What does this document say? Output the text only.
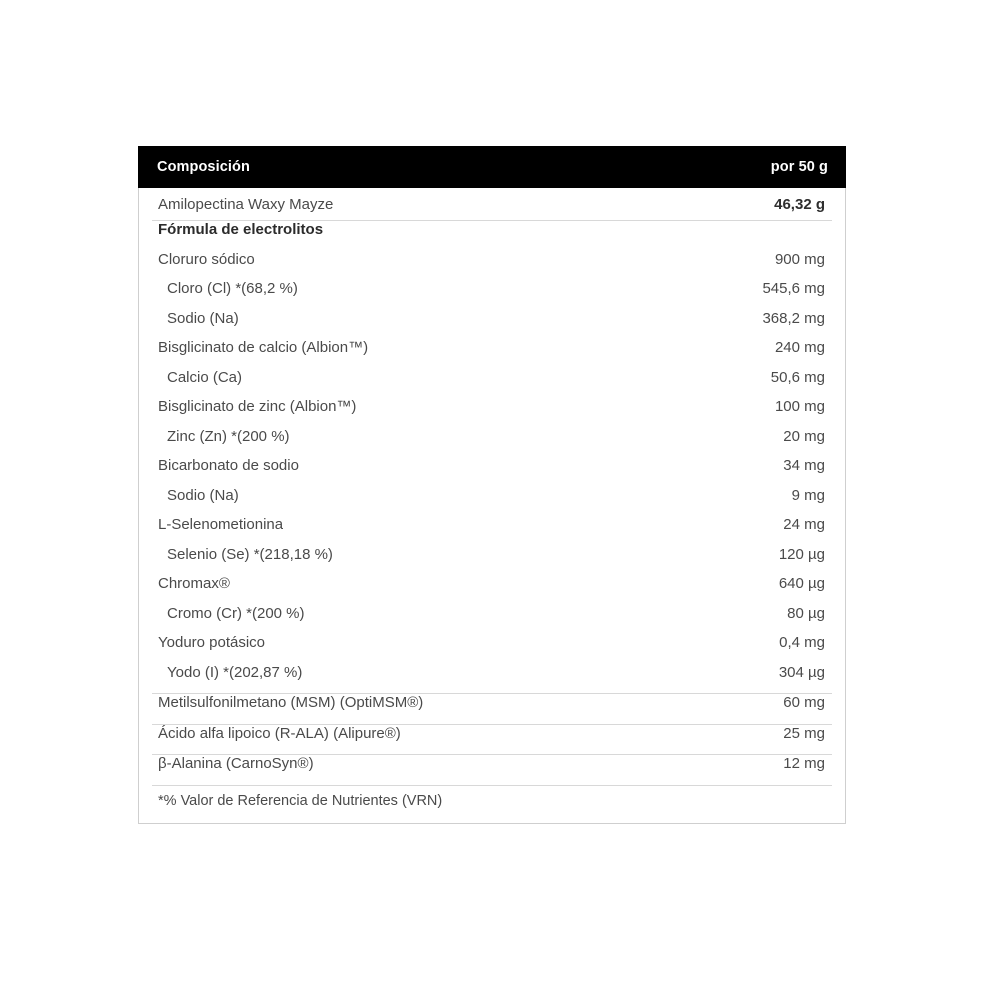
Composición	por 50 g
Amilopectina Waxy Mayze	46,32 g
Fórmula de electrolitos
Cloruro sódico	900 mg
Cloro (Cl) *(68,2 %)	545,6 mg
Sodio (Na)	368,2 mg
Bisglicinato de calcio (Albion™)	240 mg
Calcio (Ca)	50,6 mg
Bisglicinato de zinc (Albion™)	100 mg
Zinc (Zn) *(200 %)	20 mg
Bicarbonato de sodio	34 mg
Sodio (Na)	9 mg
L-Selenometionina	24 mg
Selenio (Se) *(218,18 %)	120 µg
Chromax®	640 µg
Cromo (Cr) *(200 %)	80 µg
Yoduro potásico	0,4 mg
Yodo (I) *(202,87 %)	304 µg
Metilsulfonilmetano (MSM) (OptiMSM®)	60 mg
Ácido alfa lipoico (R-ALA) (Alipure®)	25 mg
β-Alanina (CarnoSyn®)	12 mg
*% Valor de Referencia de Nutrientes (VRN)
